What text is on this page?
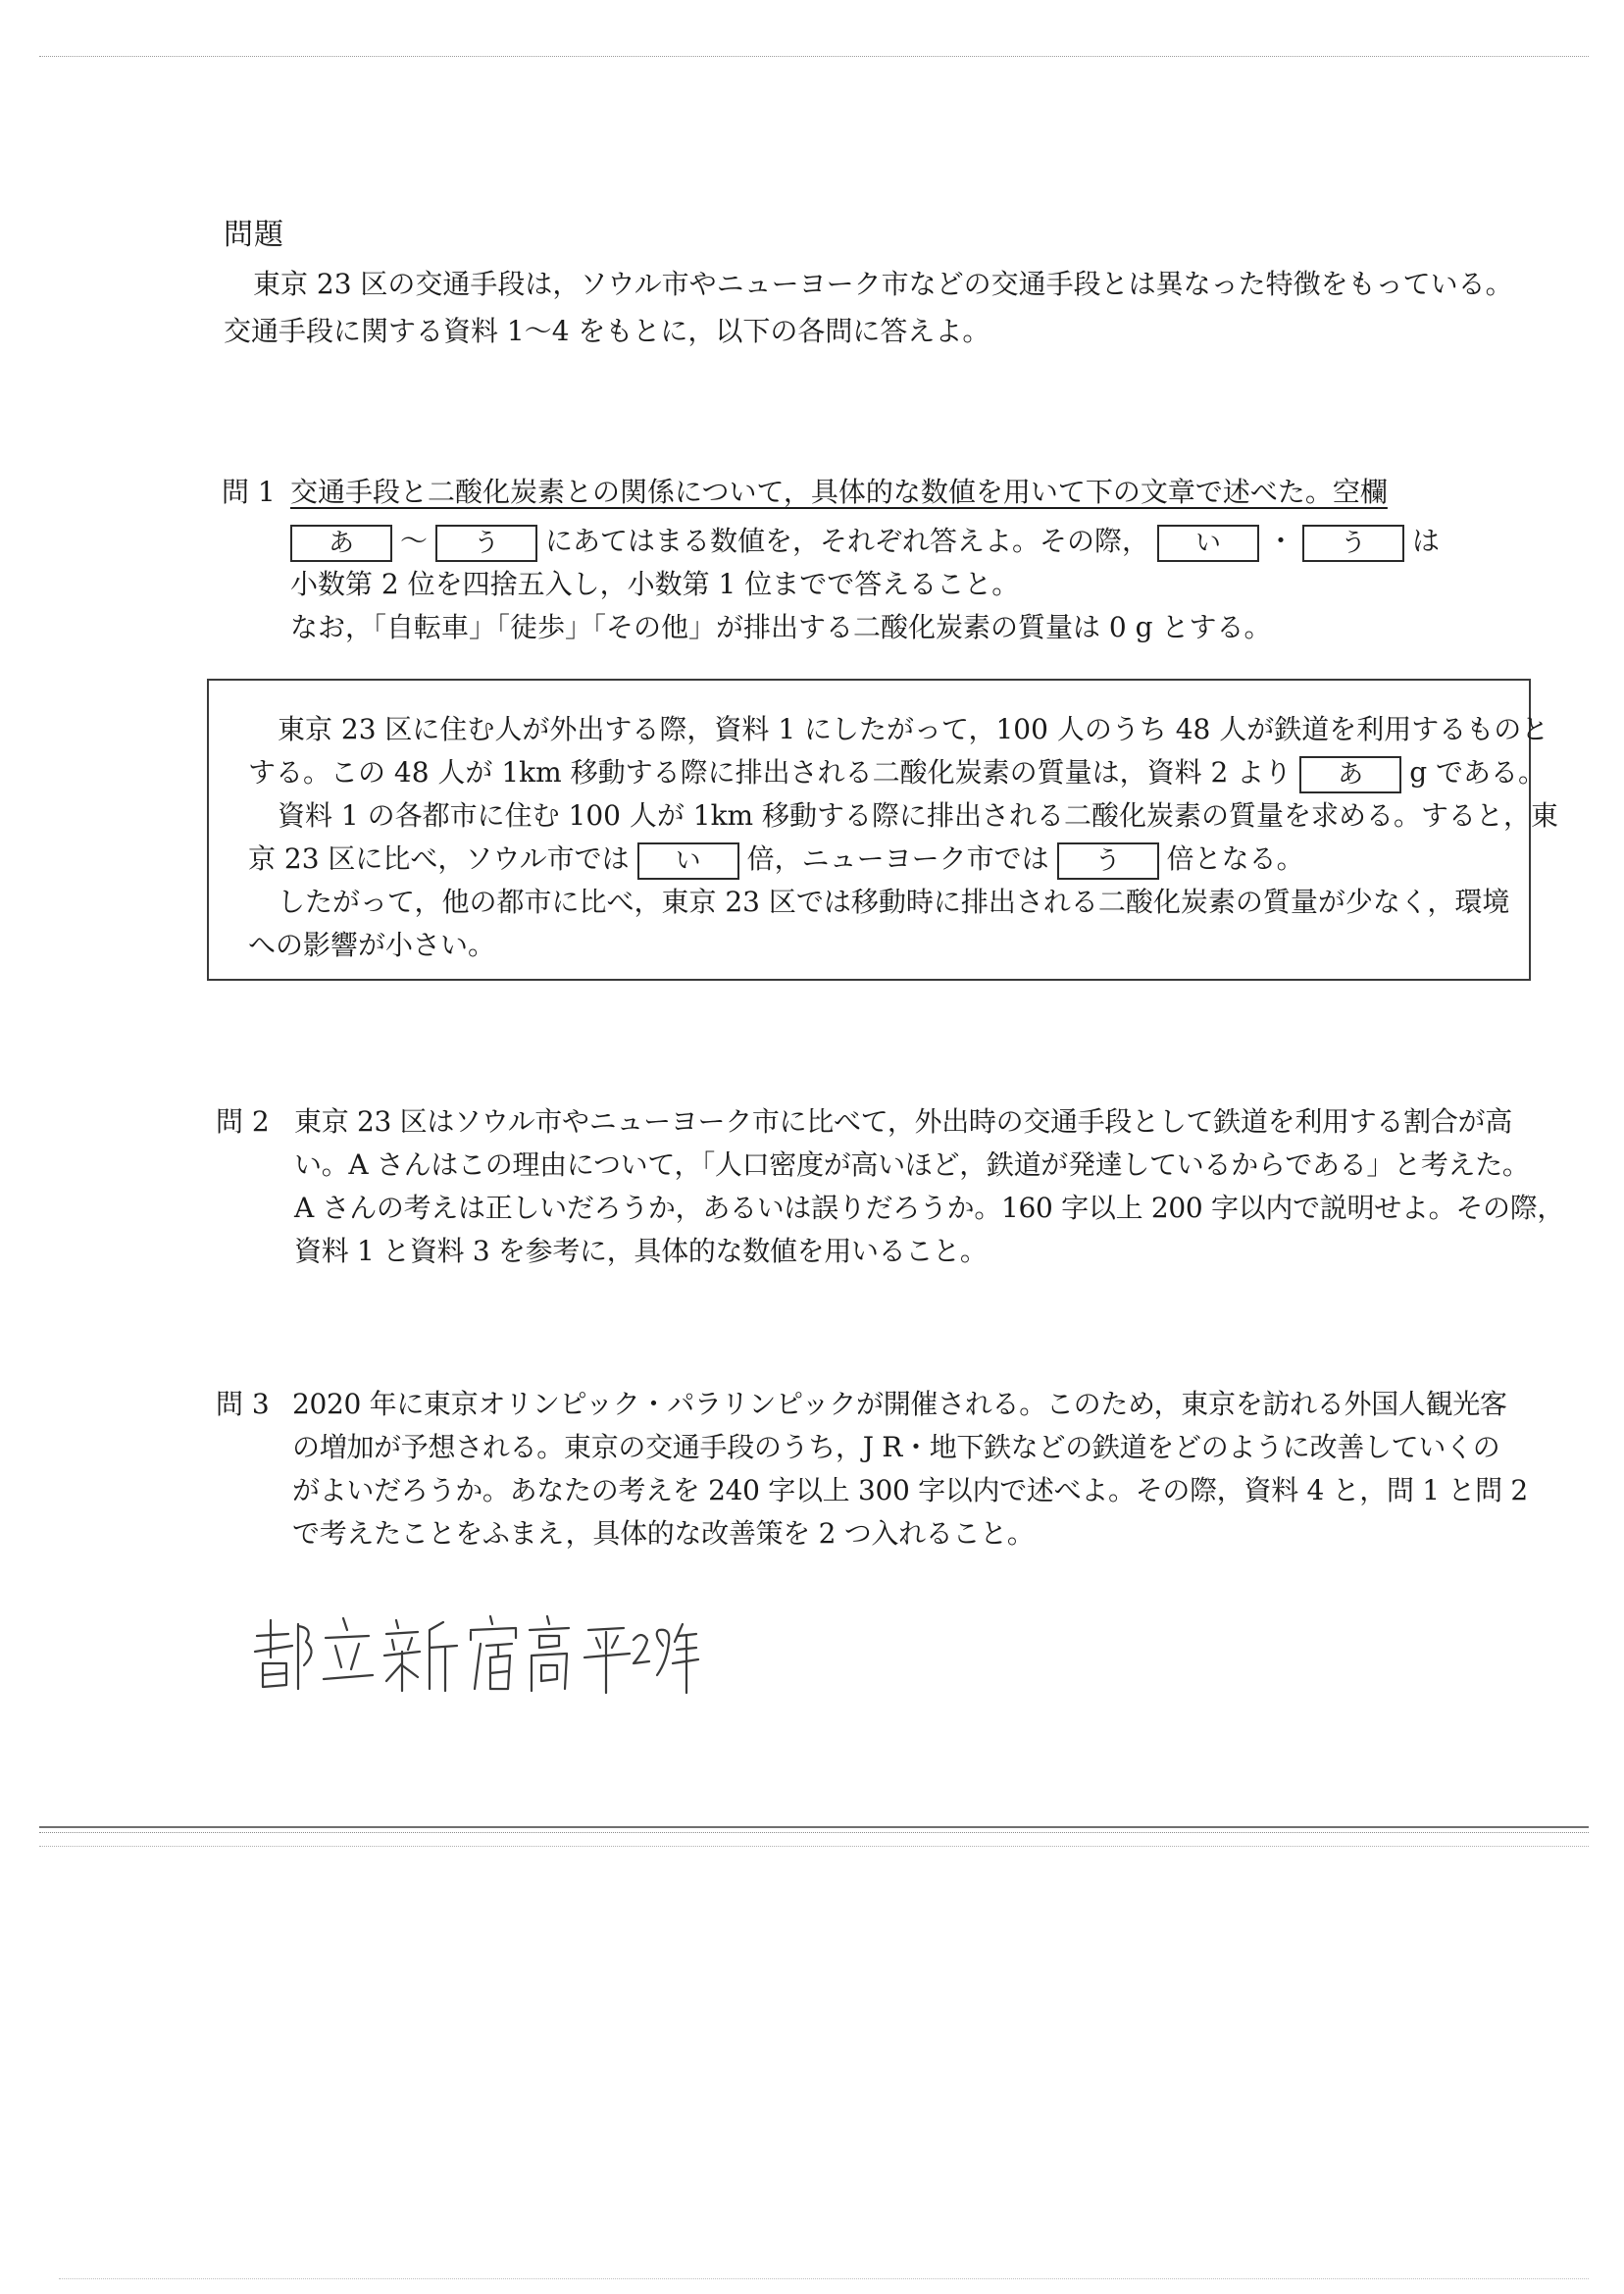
問題
東京 23 区の交通手段は，ソウル市やニューヨーク市などの交通手段とは異なった特徴をもっている。
交通手段に関する資料 1～4 をもとに，以下の各問に答えよ。
問 1 交通手段と二酸化炭素との関係について，具体的な数値を用いて下の文章で述べた。空欄
あ ～ う にあてはまる数値を，それぞれ答えよ。その際， い ・ う は
小数第 2 位を四捨五入し，小数第 1 位までで答えること。
なお，「自転車」「徒歩」「その他」が排出する二酸化炭素の質量は 0 g とする。
東京 23 区に住む人が外出する際，資料 1 にしたがって，100 人のうち 48 人が鉄道を利用するものと
する。この 48 人が 1km 移動する際に排出される二酸化炭素の質量は，資料 2 より あ g である。
資料 1 の各都市に住む 100 人が 1km 移動する際に排出される二酸化炭素の質量を求める。すると，東
京 23 区に比べ，ソウル市では い 倍，ニューヨーク市では う 倍となる。
したがって，他の都市に比べ，東京 23 区では移動時に排出される二酸化炭素の質量が少なく，環境
への影響が小さい。
問 2 東京 23 区はソウル市やニューヨーク市に比べて，外出時の交通手段として鉄道を利用する割合が高
い。A さんはこの理由について，「人口密度が高いほど，鉄道が発達しているからである」と考えた。
A さんの考えは正しいだろうか，あるいは誤りだろうか。160 字以上 200 字以内で説明せよ。その際，
資料 1 と資料 3 を参考に，具体的な数値を用いること。
問 3 2020 年に東京オリンピック・パラリンピックが開催される。このため，東京を訪れる外国人観光客
の増加が予想される。東京の交通手段のうち，J R・地下鉄などの鉄道をどのように改善していくの
がよいだろうか。あなたの考えを 240 字以上 300 字以内で述べよ。その際，資料 4 と，問 1 と問 2
で考えたことをふまえ，具体的な改善策を 2 つ入れること。
